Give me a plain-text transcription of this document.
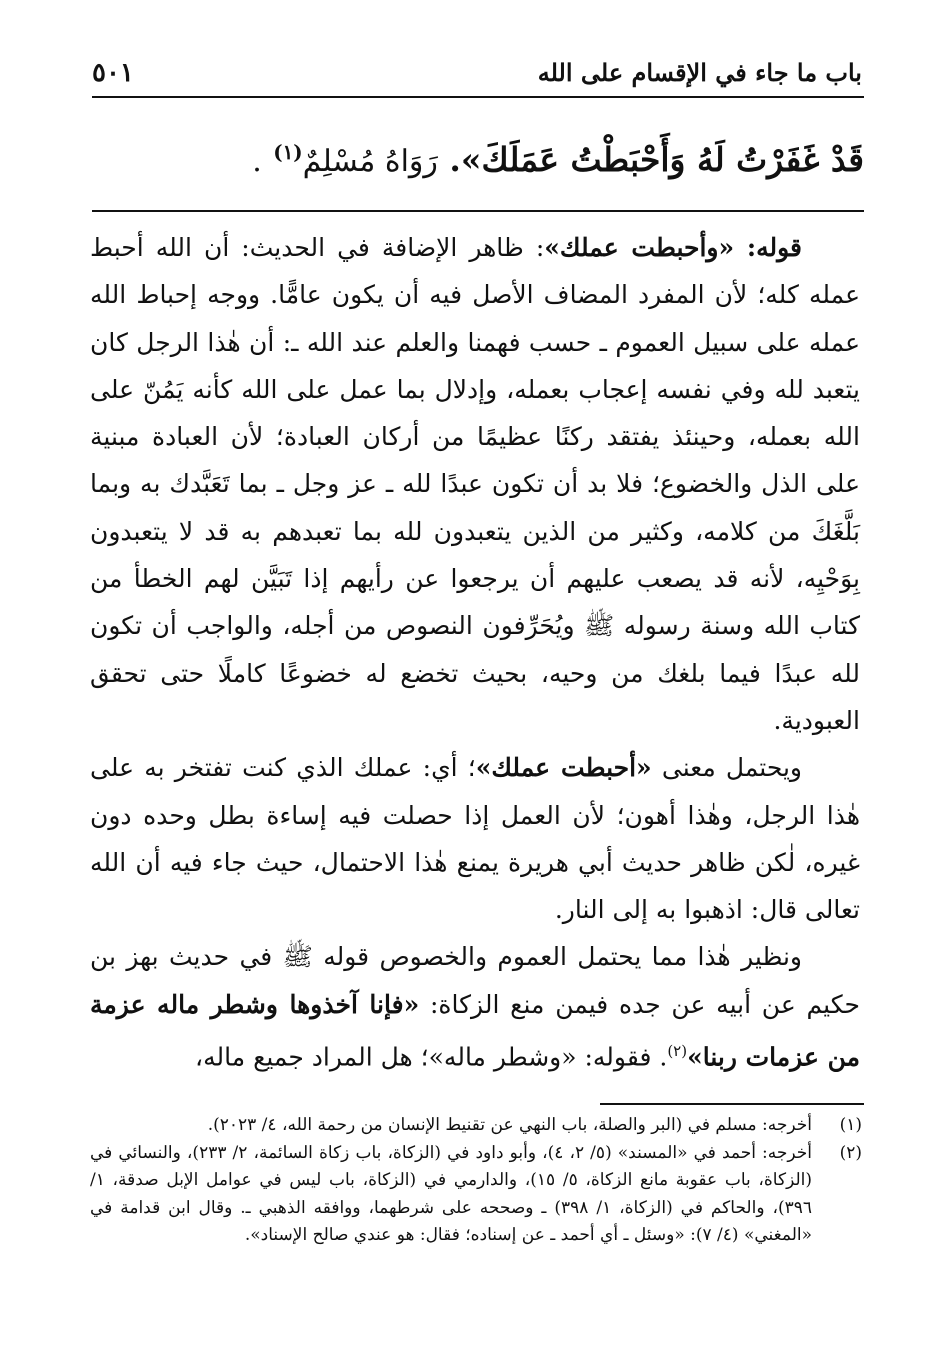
باب ما جاء في الإقسام على الله
٥٠١
قَدْ غَفَرْتُ لَهُ وَأَحْبَطْتُ عَمَلَكَ». رَوَاهُ مُسْلِمٌ$^{(١)}$ .

قوله: «وأحبطت عملك»: ظاهر الإضافة في الحديث: أن الله أحبط عمله كله؛ لأن المفرد المضاف الأصل فيه أن يكون عامًّا. ووجه إحباط الله عمله على سبيل العموم ـ حسب فهمنا والعلم عند الله ـ: أن هٰذا الرجل كان يتعبد لله وفي نفسه إعجاب بعمله، وإدلال بما عمل على الله كأنه يَمُنّ على الله بعمله، وحينئذ يفتقد ركنًا عظيمًا من أركان العبادة؛ لأن العبادة مبنية على الذل والخضوع؛ فلا بد أن تكون عبدًا لله ـ عز وجل ـ بما تَعَبَّدك به وبما بَلَّغَكَ من كلامه، وكثير من الذين يتعبدون لله بما تعبدهم به قد لا يتعبدون بِوَحْيِه، لأنه قد يصعب عليهم أن يرجعوا عن رأيهم إذا تَبَيَّن لهم الخطأ من كتاب الله وسنة رسوله ﷺ ويُحَرِّفون النصوص من أجله، والواجب أن تكون لله عبدًا فيما بلغك من وحيه، بحيث تخضع له خضوعًا كاملًا حتى تحقق العبودية.

ويحتمل معنى «أحبطت عملك»؛ أي: عملك الذي كنت تفتخر به على هٰذا الرجل، وهٰذا أهون؛ لأن العمل إذا حصلت فيه إساءة بطل وحده دون غيره، لٰكن ظاهر حديث أبي هريرة يمنع هٰذا الاحتمال، حيث جاء فيه أن الله تعالى قال: اذهبوا به إلى النار.

ونظير هٰذا مما يحتمل العموم والخصوص قوله ﷺ في حديث بهز بن حكيم عن أبيه عن جده فيمن منع الزكاة: «فإنا آخذوها وشطر ماله عزمة من عزمات ربنا»$^{(٢)}$. فقوله: «وشطر ماله»؛ هل المراد جميع ماله،

(١)
أخرجه: مسلم في (البر والصلة، باب النهي عن تقنيط الإنسان من رحمة الله، ٤/ ٢٠٢٣).
(٢)
أخرجه: أحمد في «المسند» (٥/ ٢، ٤)، وأبو داود في (الزكاة، باب زكاة السائمة، ٢/ ٢٣٣)، والنسائي في (الزكاة، باب عقوبة مانع الزكاة، ٥/ ١٥)، والدارمي في (الزكاة، باب ليس في عوامل الإبل صدقة، ١/ ٣٩٦)، والحاكم في (الزكاة، ١/ ٣٩٨) ـ وصححه على شرطهما، ووافقه الذهبي ـ. وقال ابن قدامة في «المغني» (٤/ ٧): «وسئل ـ أي أحمد ـ عن إسناده؛ فقال: هو عندي صالح الإسناد».
